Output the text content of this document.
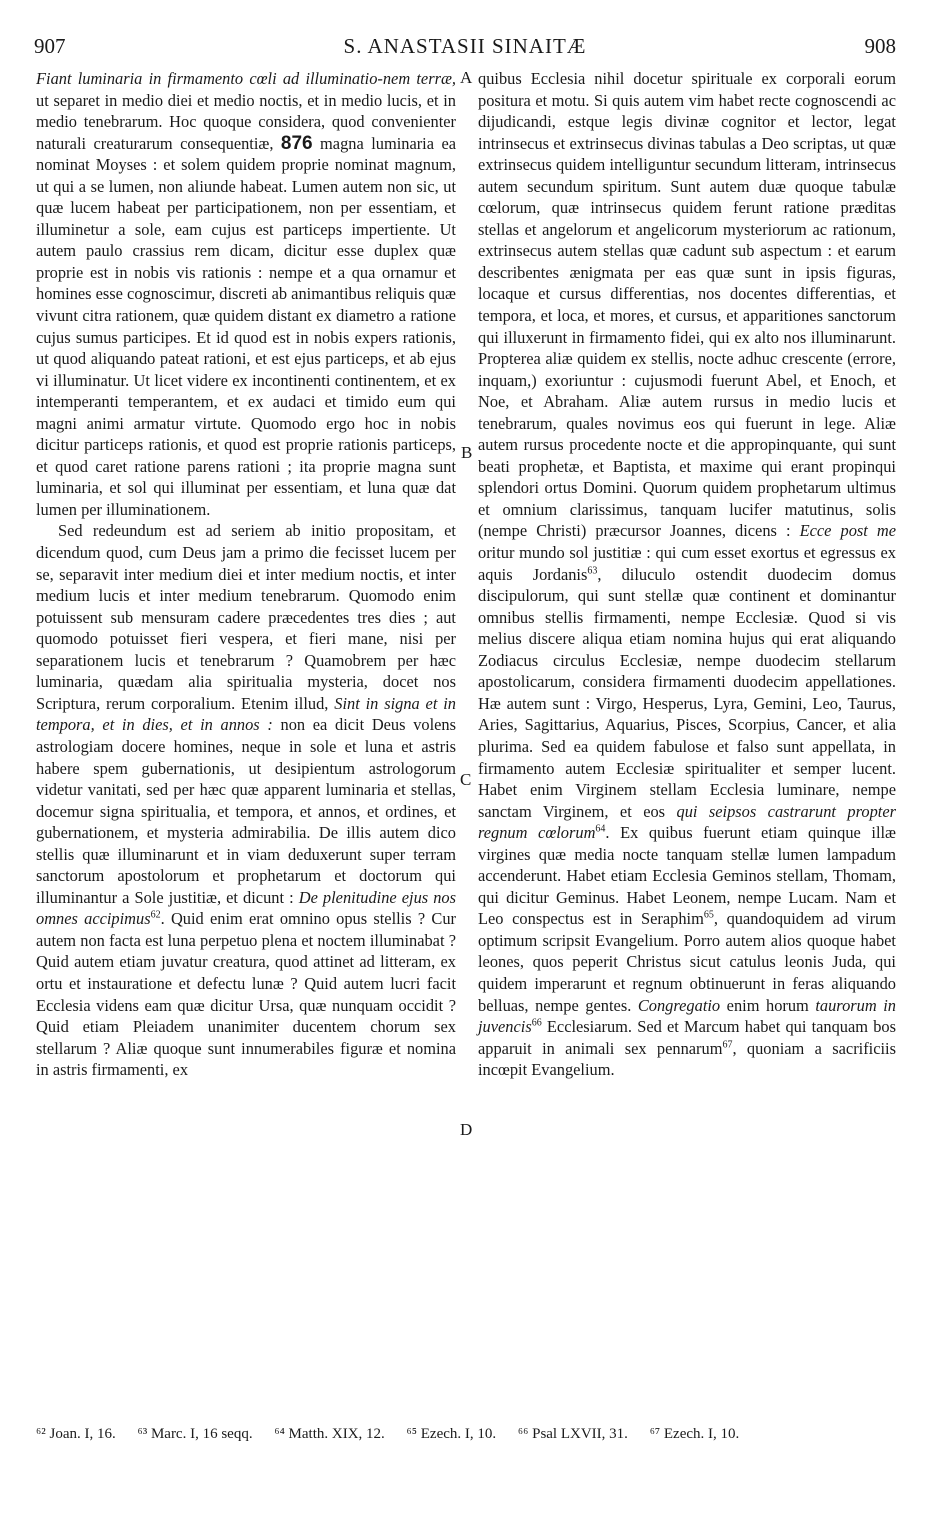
S. ANASTASII SINAITÆ
907	908

Fiant luminaria in firmamento cœli ad illuminatio-nem terræ, ut separet in medio diei et medio noctis, et in medio lucis, et in medio tenebrarum. Hoc quoque considera, quod convenienter naturali creaturarum consequentiæ, 876 magna luminaria ea nominat Moyses : et solem quidem proprie nominat magnum, ut qui a se lumen, non aliunde habeat. Lumen autem non sic, ut quæ lucem habeat per participationem, non per essentiam, et illuminetur a sole, eam cujus est particeps impertiente. Ut autem paulo crassius rem dicam, dicitur esse duplex quæ proprie est in nobis vis rationis : nempe et a qua ornamur et homines esse cognoscimur, discreti ab animantibus reliquis quæ vivunt citra rationem, quæ quidem distant ex diametro a ratione cujus sumus participes. Et id quod est in nobis expers rationis, ut quod aliquando pateat rationi, et est ejus particeps, et ab ejus vi illuminatur. Ut licet videre ex incontinenti continentem, et ex intemperanti temperantem, et ex audaci et timido eum qui magni animi armatur virtute. Quomodo ergo hoc in nobis dicitur particeps rationis, et quod est proprie rationis particeps, et quod caret ratione parens rationi ; ita proprie magna sunt luminaria, et sol qui illuminat per essentiam, et luna quæ dat lumen per illuminationem.

Sed redeundum est ad seriem ab initio propositam, et dicendum quod, cum Deus jam a primo die fecisset lucem per se, separavit inter medium diei et inter medium noctis, et inter medium lucis et inter medium tenebrarum. Quomodo enim potuissent sub mensuram cadere præcedentes tres dies ; aut quomodo potuisset fieri vespera, et fieri mane, nisi per separationem lucis et tenebrarum ? Quamobrem per hæc luminaria, quædam alia spiritualia mysteria, docet nos Scriptura, rerum corporalium. Etenim illud, Sint in signa et in tempora, et in dies, et in annos : non ea dicit Deus volens astrologiam docere homines, neque in sole et luna et astris habere spem gubernationis, ut desipientum astrologorum videtur vanitati, sed per hæc quæ apparent luminaria et stellas, docemur signa spiritualia, et tempora, et annos, et ordines, et gubernationem, et mysteria admirabilia. De illis autem dico stellis quæ illuminarunt et in viam deduxerunt super terram sanctorum apostolorum et prophetarum et doctorum qui illuminantur a Sole justitiæ, et dicunt : De plenitudine ejus nos omnes accipimus$^{62}$. Quid enim erat omnino opus stellis ? Cur autem non facta est luna perpetuo plena et noctem illuminabat ? Quid autem etiam juvatur creatura, quod attinet ad litteram, ex ortu et instauratione et defectu lunæ ? Quid autem lucri facit Ecclesia videns eam quæ dicitur Ursa, quæ nunquam occidit ? Quid etiam Pleiadem unanimiter ducentem chorum sex stellarum ? Aliæ quoque sunt innumerabiles figuræ et nomina in astris firmamenti, ex

A
B
C
D

quibus Ecclesia nihil docetur spirituale ex corporali eorum positura et motu. Si quis autem vim habet recte cognoscendi ac dijudicandi, estque legis divinæ cognitor et lector, legat intrinsecus et extrinsecus divinas tabulas a Deo scriptas, ut quæ extrinsecus quidem intelliguntur secundum litteram, intrinsecus autem secundum spiritum. Sunt autem duæ quoque tabulæ cœlorum, quæ intrinsecus quidem ferunt ratione præditas stellas et angelorum et angelicorum mysteriorum ac rationum, extrinsecus autem stellas quæ cadunt sub aspectum : et earum describentes ænigmata per eas quæ sunt in ipsis figuras, locaque et cursus differentias, nos docentes differentias, et tempora, et loca, et mores, et cursus, et apparitiones sanctorum qui illuxerunt in firmamento fidei, qui ex alto nos illuminarunt. Propterea aliæ quidem ex stellis, nocte adhuc crescente (errore, inquam,) exoriuntur : cujusmodi fuerunt Abel, et Enoch, et Noe, et Abraham. Aliæ autem rursus in medio lucis et tenebrarum, quales novimus eos qui fuerunt in lege. Aliæ autem rursus procedente nocte et die appropinquante, qui sunt beati prophetæ, et Baptista, et maxime qui erant propinqui splendori ortus Domini. Quorum quidem prophetarum ultimus et omnium clarissimus, tanquam lucifer matutinus, solis (nempe Christi) præcursor Joannes, dicens : Ecce post me oritur mundo sol justitiæ : qui cum esset exortus et egressus ex aquis Jordanis$^{63}$, diluculo ostendit duodecim domus discipulorum, qui sunt stellæ quæ continent et dominantur omnibus stellis firmamenti, nempe Ecclesiæ. Quod si vis melius discere aliqua etiam nomina hujus qui erat aliquando Zodiacus circulus Ecclesiæ, nempe duodecim stellarum apostolicarum, considera firmamenti duodecim appellationes. Hæ autem sunt : Virgo, Hesperus, Lyra, Gemini, Leo, Taurus, Aries, Sagittarius, Aquarius, Pisces, Scorpius, Cancer, et alia plurima. Sed ea quidem fabulose et falso sunt appellata, in firmamento autem Ecclesiæ spiritualiter et semper lucent. Habet enim Virginem stellam Ecclesia luminare, nempe sanctam Virginem, et eos qui seipsos castrarunt propter regnum cœlorum$^{64}$. Ex quibus fuerunt etiam quinque illæ virgines quæ media nocte tanquam stellæ lumen lampadum accenderunt. Habet etiam Ecclesia Geminos stellam, Thomam, qui dicitur Geminus. Habet Leonem, nempe Lucam. Nam et Leo conspectus est in Seraphim$^{65}$, quandoquidem ad virum optimum scripsit Evangelium. Porro autem alios quoque habet leones, quos peperit Christus sicut catulus leonis Juda, qui quidem imperarunt et regnum obtinuerunt in feras aliquando belluas, nempe gentes. Congregatio enim horum taurorum in juvencis$^{66}$ Ecclesiarum. Sed et Marcum habet qui tanquam bos apparuit in animali sex pennarum$^{67}$, quoniam a sacrificiis incœpit Evangelium.

⁶² Joan. I, 16. ⁶³ Marc. I, 16 seqq. ⁶⁴ Matth. XIX, 12. ⁶⁵ Ezech. I, 10. ⁶⁶ Psal LXVII, 31. ⁶⁷ Ezech. I, 10.
